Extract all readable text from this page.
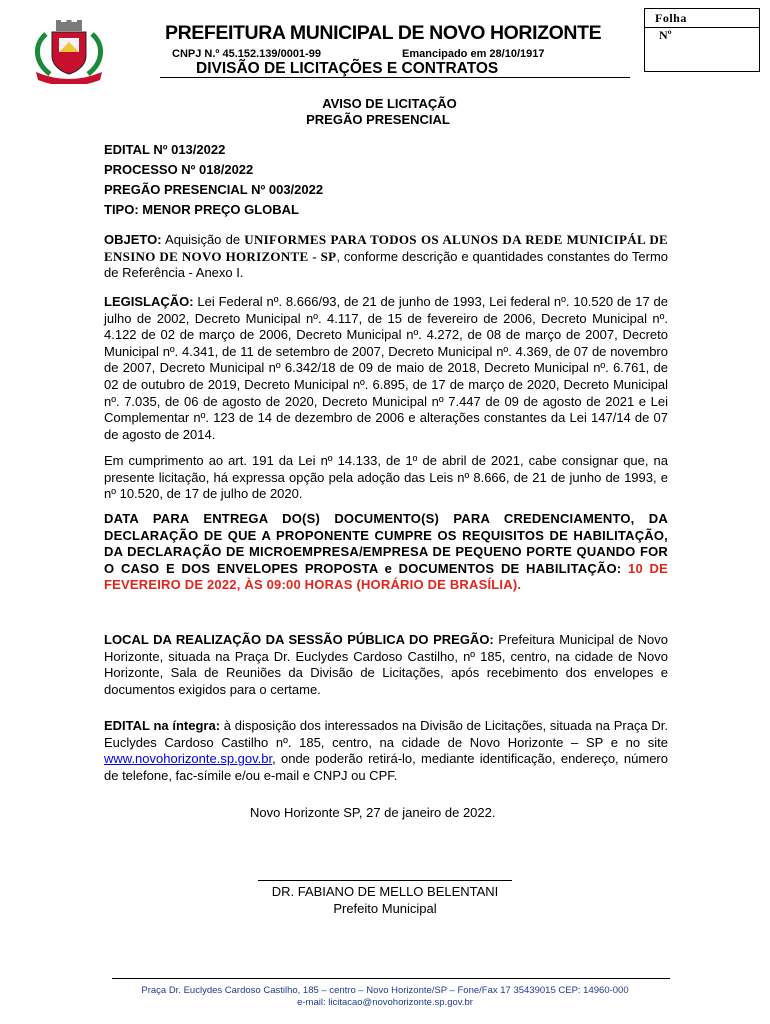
PREFEITURA MUNICIPAL DE NOVO HORIZONTE
CNPJ N.º 45.152.139/0001-99	Emancipado em 28/10/1917
DIVISÃO DE LICITAÇÕES E CONTRATOS
Folha
Nº
AVISO DE LICITAÇÃO
PREGÃO PRESENCIAL
EDITAL Nº 013/2022
PROCESSO Nº 018/2022
PREGÃO PRESENCIAL Nº 003/2022
TIPO: MENOR PREÇO GLOBAL
OBJETO: Aquisição de UNIFORMES PARA TODOS OS ALUNOS DA REDE MUNICIPÁL DE ENSINO DE NOVO HORIZONTE - SP, conforme descrição e quantidades constantes do Termo de Referência - Anexo I.
LEGISLAÇÃO: Lei Federal nº. 8.666/93, de 21 de junho de 1993, Lei federal nº. 10.520 de 17 de julho de 2002, Decreto Municipal nº. 4.117, de 15 de fevereiro de 2006, Decreto Municipal nº. 4.122 de 02 de março de 2006, Decreto Municipal nº. 4.272, de 08 de março de 2007, Decreto Municipal nº. 4.341, de 11 de setembro de 2007, Decreto Municipal nº. 4.369, de 07 de novembro de 2007, Decreto Municipal nº 6.342/18 de 09 de maio de 2018, Decreto Municipal nº. 6.761, de 02 de outubro de 2019, Decreto Municipal nº. 6.895, de 17 de março de 2020, Decreto Municipal nº. 7.035, de 06 de agosto de 2020, Decreto Municipal nº 7.447 de 09 de agosto de 2021 e Lei Complementar nº. 123 de 14 de dezembro de 2006 e alterações constantes da Lei 147/14 de 07 de agosto de 2014.
Em cumprimento ao art. 191 da Lei nº 14.133, de 1º de abril de 2021, cabe consignar que, na presente licitação, há expressa opção pela adoção das Leis nº 8.666, de 21 de junho de 1993, e nº 10.520, de 17 de julho de 2020.
DATA PARA ENTREGA DO(S) DOCUMENTO(S) PARA CREDENCIAMENTO, DA DECLARAÇÃO DE QUE A PROPONENTE CUMPRE OS REQUISITOS DE HABILITAÇÃO, DA DECLARAÇÃO DE MICROEMPRESA/EMPRESA DE PEQUENO PORTE QUANDO FOR O CASO E DOS ENVELOPES PROPOSTA e DOCUMENTOS DE HABILITAÇÃO: 10 DE FEVEREIRO DE 2022, ÀS 09:00 HORAS (HORÁRIO DE BRASÍLIA).
LOCAL DA REALIZAÇÃO DA SESSÃO PÚBLICA DO PREGÃO: Prefeitura Municipal de Novo Horizonte, situada na Praça Dr. Euclydes Cardoso Castilho, nº 185, centro, na cidade de Novo Horizonte, Sala de Reuniões da Divisão de Licitações, após recebimento dos envelopes e documentos exigidos para o certame.
EDITAL na íntegra: à disposição dos interessados na Divisão de Licitações, situada na Praça Dr. Euclydes Cardoso Castilho nº. 185, centro, na cidade de Novo Horizonte – SP e no site www.novohorizonte.sp.gov.br, onde poderão retirá-lo, mediante identificação, endereço, número de telefone, fac-símile e/ou e-mail e CNPJ ou CPF.
Novo Horizonte SP, 27 de janeiro de 2022.
DR. FABIANO DE MELLO BELENTANI
Prefeito Municipal
Praça Dr. Euclydes Cardoso Castilho, 185 – centro – Novo Horizonte/SP – Fone/Fax 17 35439015 CEP: 14960-000
e-mail: licitacao@novohorizonte.sp.gov.br
